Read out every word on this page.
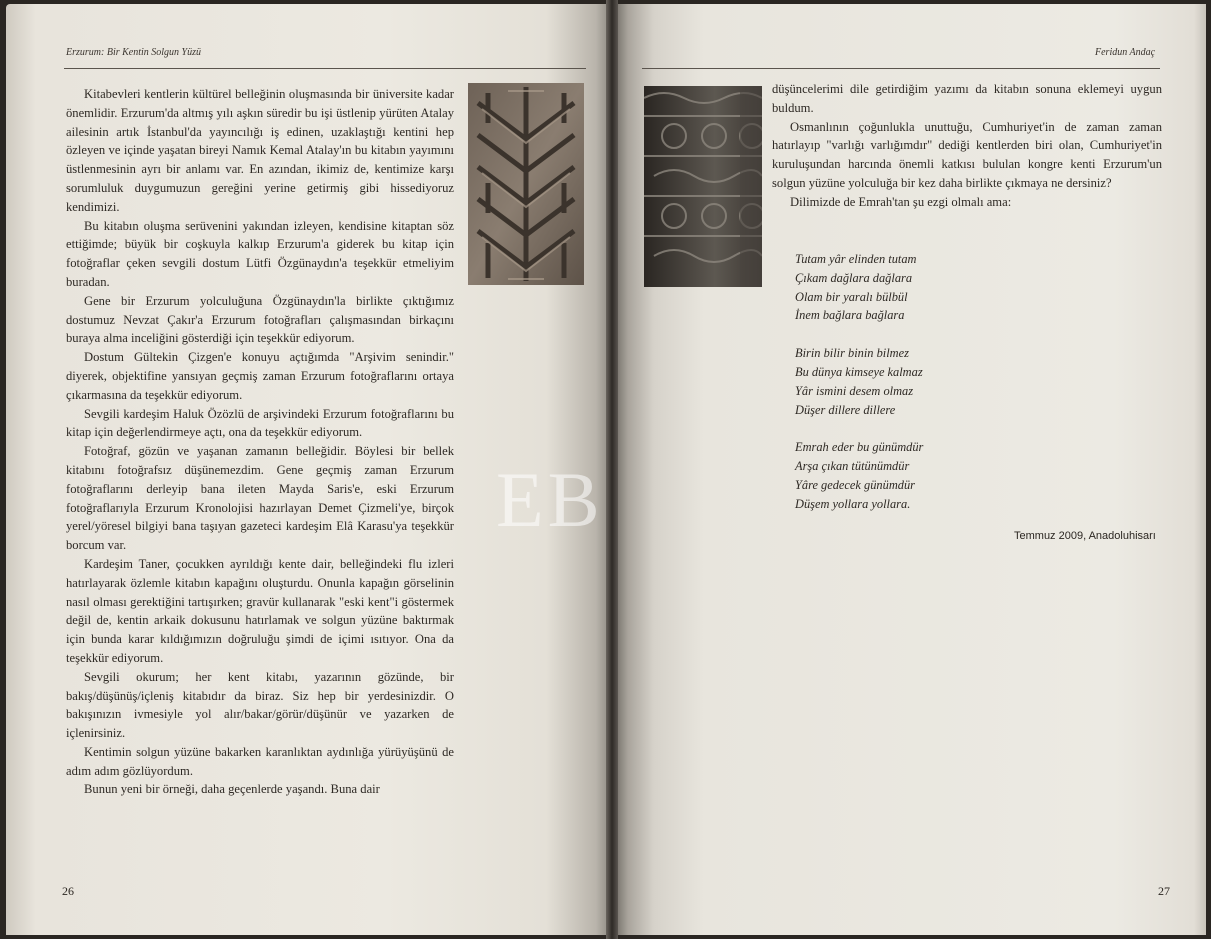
Erzurum: Bir Kentin Solgun Yüzü

Kitabevleri kentlerin kültürel belleğinin oluşmasında bir üniversite kadar önemlidir. Erzurum'da altmış yılı aşkın süredir bu işi üstlenip yürüten Atalay ailesinin artık İstanbul'da yayıncılığı iş edinen, uzaklaştığı kentini hep özleyen ve içinde yaşatan bireyi Namık Kemal Atalay'ın bu kitabın yayımını üstlenmesinin ayrı bir anlamı var. En azından, ikimiz de, kentimize karşı sorumluluk duygumuzun gereğini yerine getirmiş gibi hissediyoruz kendimizi.

Bu kitabın oluşma serüvenini yakından izleyen, kendisine kitaptan söz ettiğimde; büyük bir coşkuyla kalkıp Erzurum'a giderek bu kitap için fotoğraflar çeken sevgili dostum Lütfi Özgünaydın'a teşekkür etmeliyim buradan.

Gene bir Erzurum yolculuğuna Özgünaydın'la birlikte çıktığımız dostumuz Nevzat Çakır'a Erzurum fotoğrafları çalışmasından birkaçını buraya alma inceliğini gösterdiği için teşekkür ediyorum.

Dostum Gültekin Çizgen'e konuyu açtığımda "Arşivim senindir." diyerek, objektifine yansıyan geçmiş zaman Erzurum fotoğraflarını ortaya çıkarmasına da teşekkür ediyorum.

Sevgili kardeşim Haluk Özözlü de arşivindeki Erzurum fotoğraflarını bu kitap için değerlendirmeye açtı, ona da teşekkür ediyorum.

Fotoğraf, gözün ve yaşanan zamanın belleğidir. Böylesi bir bellek kitabını fotoğrafsız düşünemezdim. Gene geçmiş zaman Erzurum fotoğraflarını derleyip bana ileten Mayda Saris'e, eski Erzurum fotoğraflarıyla Erzurum Kronolojisi hazırlayan Demet Çizmeli'ye, birçok yerel/yöresel bilgiyi bana taşıyan gazeteci kardeşim Elâ Karasu'ya teşekkür borcum var.

Kardeşim Taner, çocukken ayrıldığı kente dair, belleğindeki flu izleri hatırlayarak özlemle kitabın kapağını oluşturdu. Onunla kapağın görselinin nasıl olması gerektiğini tartışırken; gravür kullanarak "eski kent"i göstermek değil de, kentin arkaik dokusunu hatırlamak ve solgun yüzüne baktırmak için bunda karar kıldığımızın doğruluğu şimdi de içimi ısıtıyor. Ona da teşekkür ediyorum.

Sevgili okurum; her kent kitabı, yazarının gözünde, bir bakış/düşünüş/içleniş kitabıdır da biraz. Siz hep bir yerdesinizdir. O bakışınızın ivmesiyle yol alır/bakar/görür/düşünür ve yazarken de içlenirsiniz.

Kentimin solgun yüzüne bakarken karanlıktan aydınlığa yürüyüşünü de adım adım gözlüyordum.

Bunun yeni bir örneği, daha geçenlerde yaşandı. Buna dair

26
Feridun Andaç

düşüncelerimi dile getirdiğim yazımı da kitabın sonuna eklemeyi uygun buldum.

Osmanlının çoğunlukla unuttuğu, Cumhuriyet'in de zaman zaman hatırlayıp "varlığı varlığımdır" dediği kentlerden biri olan, Cumhuriyet'in kuruluşundan harcında önemli katkısı bululan kongre kenti Erzurum'un solgun yüzüne yolculuğa bir kez daha birlikte çıkmaya ne dersiniz?

Dilimizde de Emrah'tan şu ezgi olmalı ama:

Tutam yâr elinden tutam
Çıkam dağlara dağlara
Olam bir yaralı bülbül
İnem bağlara bağlara
Birin bilir binin bilmez
Bu dünya kimseye kalmaz
Yâr ismini desem olmaz
Düşer dillere dillere
Emrah eder bu günümdür
Arşa çıkan tütünümdür
Yâre gedecek günümdür
Düşem yollara yollara.
Temmuz 2009, Anadoluhisarı
27
EB
